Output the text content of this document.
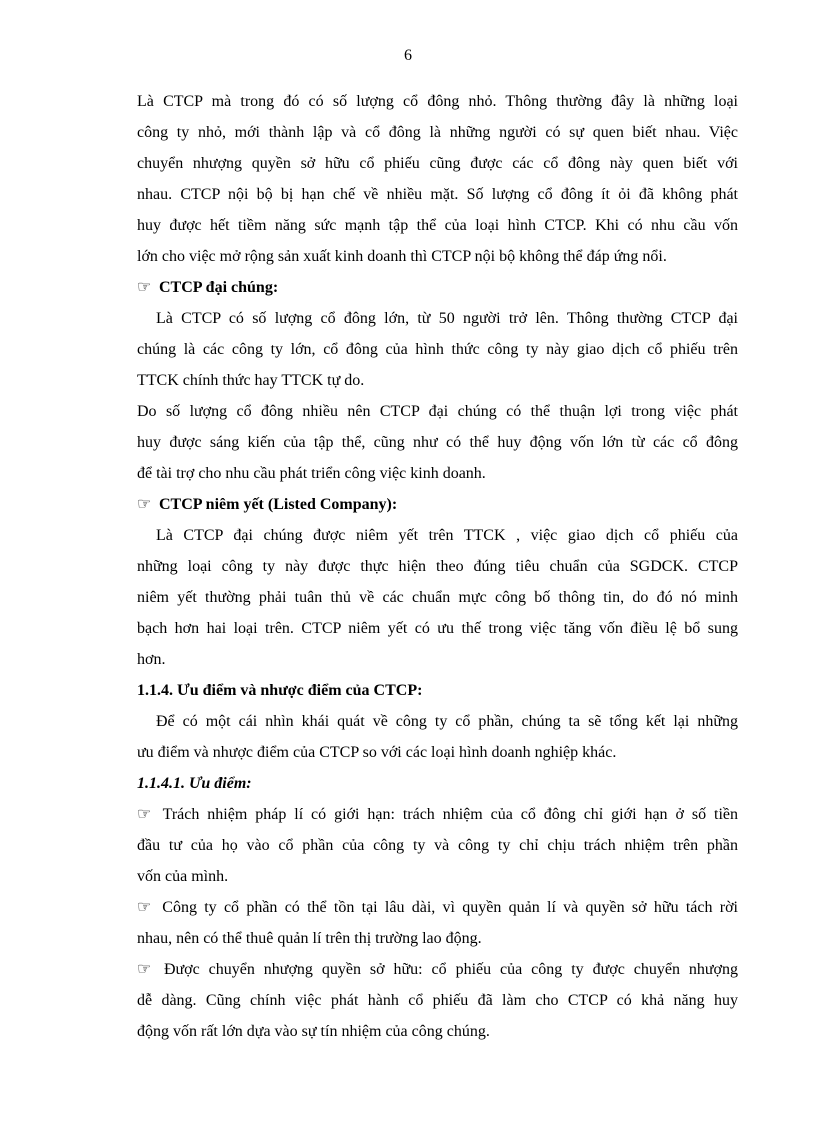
6
Là CTCP mà trong đó có số lượng cổ đông nhỏ. Thông thường đây là những loại
công ty nhỏ, mới thành lập và cổ đông là những người có sự quen biết nhau. Việc
chuyển nhượng quyền sở hữu cổ phiếu cũng được các cổ đông này quen biết với
nhau. CTCP nội bộ bị hạn chế về nhiều mặt. Số lượng cổ đông ít ỏi đã không phát
huy được hết tiềm năng sức mạnh tập thể của loại hình CTCP. Khi có nhu cầu vốn
lớn cho việc mở rộng sản xuất kinh doanh thì CTCP nội bộ không thể đáp ứng nổi.
☞ CTCP đại chúng:
Là CTCP có số lượng cổ đông lớn, từ 50 người trở lên. Thông thường CTCP đại
chúng là các công ty lớn, cổ đông của hình thức công ty này giao dịch cổ phiếu trên
TTCK chính thức hay TTCK tự do.
Do số lượng cổ đông nhiều nên CTCP đại chúng có thể thuận lợi trong việc phát
huy được sáng kiến của tập thể, cũng như có thể huy động vốn lớn từ các cổ đông
để tài trợ cho nhu cầu phát triển công việc kinh doanh.
☞ CTCP niêm yết (Listed Company):
Là CTCP đại chúng được niêm yết trên TTCK , việc giao dịch cổ phiếu của
những loại công ty này được thực hiện theo đúng tiêu chuẩn của SGDCK. CTCP
niêm yết thường phải tuân thủ về các chuẩn mực công bố thông tin, do đó nó minh
bạch hơn hai loại trên. CTCP niêm yết có ưu thế trong việc tăng vốn điều lệ bổ sung
hơn.
1.1.4. Ưu điểm và nhược điểm của CTCP:
Để có một cái nhìn khái quát về công ty cổ phần, chúng ta sẽ tổng kết lại những
ưu điểm và nhược điểm của CTCP so với các loại hình doanh nghiệp khác.
1.1.4.1. Ưu điểm:
☞ Trách nhiệm pháp lí có giới hạn: trách nhiệm của cổ đông chỉ giới hạn ở số tiền
đầu tư của họ vào cổ phần của công ty và công ty chỉ chịu trách nhiệm trên phần
vốn của mình.
☞ Công ty cổ phần có thể tồn tại lâu dài, vì quyền quản lí và quyền sở hữu tách rời
nhau, nên có thể thuê quản lí trên thị trường lao động.
☞ Được chuyển nhượng quyền sở hữu: cổ phiếu của công ty được chuyển nhượng
dễ dàng. Cũng chính việc phát hành cổ phiếu đã làm cho CTCP có khả năng huy
động vốn rất lớn dựa vào sự tín nhiệm của công chúng.
